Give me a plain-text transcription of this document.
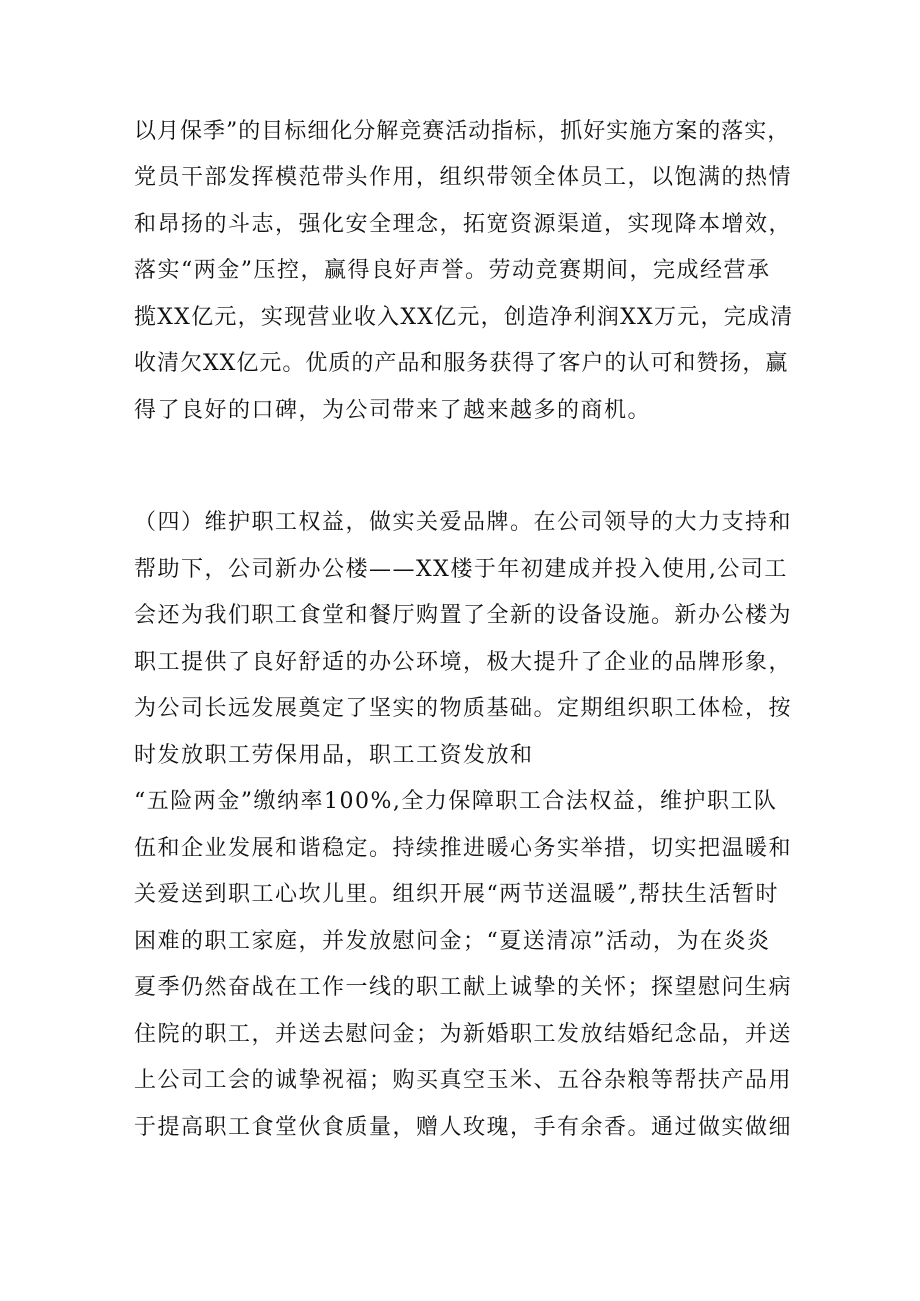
以月保季”的目标细化分解竞赛活动指标，抓好实施方案的落实，

党员干部发挥模范带头作用，组织带领全体员工，以饱满的热情

和昂扬的斗志，强化安全理念，拓宽资源渠道，实现降本增效，

落实“两金”压控，赢得良好声誉。劳动竞赛期间，完成经营承

揽XX亿元，实现营业收入XX亿元，创造净利润XX万元，完成清

收清欠XX亿元。优质的产品和服务获得了客户的认可和赞扬，赢

得了良好的口碑，为公司带来了越来越多的商机。

（四）维护职工权益，做实关爱品牌。在公司领导的大力支持和

帮助下，公司新办公楼——XX楼于年初建成并投入使用,公司工

会还为我们职工食堂和餐厅购置了全新的设备设施。新办公楼为

职工提供了良好舒适的办公环境，极大提升了企业的品牌形象，

为公司长远发展奠定了坚实的物质基础。定期组织职工体检，按

时发放职工劳保用品，职工工资发放和

“五险两金”缴纳率100%,全力保障职工合法权益，维护职工队

伍和企业发展和谐稳定。持续推进暖心务实举措，切实把温暖和

关爱送到职工心坎儿里。组织开展“两节送温暖”,帮扶生活暂时

困难的职工家庭，并发放慰问金；“夏送清凉”活动，为在炎炎

夏季仍然奋战在工作一线的职工献上诚挚的关怀；探望慰问生病

住院的职工，并送去慰问金；为新婚职工发放结婚纪念品，并送

上公司工会的诚挚祝福；购买真空玉米、五谷杂粮等帮扶产品用

于提高职工食堂伙食质量，赠人玫瑰，手有余香。通过做实做细
